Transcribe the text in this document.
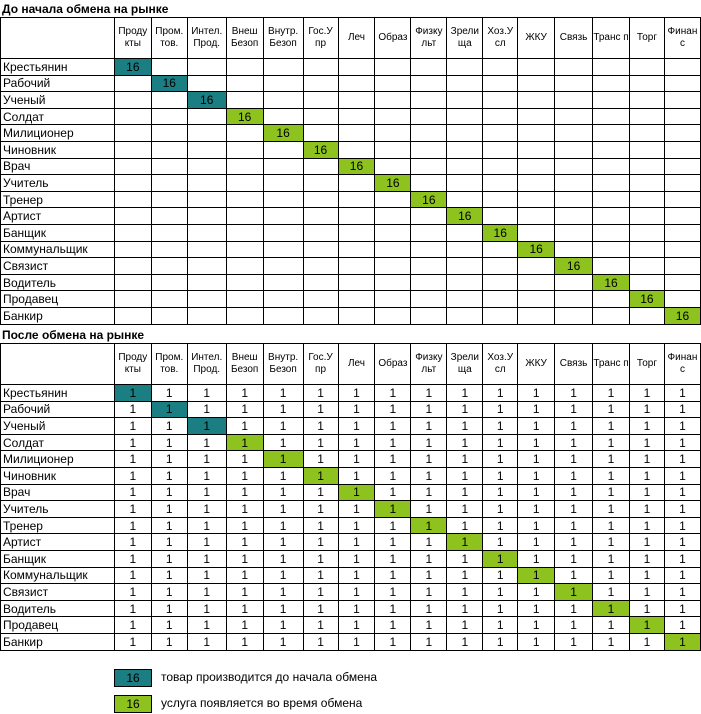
До начала обмена на рынке
	Проду кты	Пром. тов.	Интел. Прод.	Внеш Безоп	Внутр. Безоп	Гос.У пр	Леч	Образ	Физку льт	Зрели ща	Хоз.У сл	ЖКУ	Связь	Транс п	Торг	Финан с
Крестьянин	16															
Рабочий		16														
Ученый			16													
Солдат				16												
Милиционер					16											
Чиновник						16										
Врач							16									
Учитель								16								
Тренер									16							
Артист										16						
Банщик											16					
Коммунальщик												16				
Связист													16			
Водитель														16		
Продавец															16	
Банкир																16
После обмена на рынке
	Проду кты	Пром. тов.	Интел. Прод.	Внеш Безоп	Внутр. Безоп	Гос.У пр	Леч	Образ	Физку льт	Зрели ща	Хоз.У сл	ЖКУ	Связь	Транс п	Торг	Финан с
Крестьянин	1	1	1	1	1	1	1	1	1	1	1	1	1	1	1	1
Рабочий	1	1	1	1	1	1	1	1	1	1	1	1	1	1	1	1
Ученый	1	1	1	1	1	1	1	1	1	1	1	1	1	1	1	1
Солдат	1	1	1	1	1	1	1	1	1	1	1	1	1	1	1	1
Милиционер	1	1	1	1	1	1	1	1	1	1	1	1	1	1	1	1
Чиновник	1	1	1	1	1	1	1	1	1	1	1	1	1	1	1	1
Врач	1	1	1	1	1	1	1	1	1	1	1	1	1	1	1	1
Учитель	1	1	1	1	1	1	1	1	1	1	1	1	1	1	1	1
Тренер	1	1	1	1	1	1	1	1	1	1	1	1	1	1	1	1
Артист	1	1	1	1	1	1	1	1	1	1	1	1	1	1	1	1
Банщик	1	1	1	1	1	1	1	1	1	1	1	1	1	1	1	1
Коммунальщик	1	1	1	1	1	1	1	1	1	1	1	1	1	1	1	1
Связист	1	1	1	1	1	1	1	1	1	1	1	1	1	1	1	1
Водитель	1	1	1	1	1	1	1	1	1	1	1	1	1	1	1	1
Продавец	1	1	1	1	1	1	1	1	1	1	1	1	1	1	1	1
Банкир	1	1	1	1	1	1	1	1	1	1	1	1	1	1	1	1
16	товар производится до начала обмена
16	услуга появляется во время обмена
